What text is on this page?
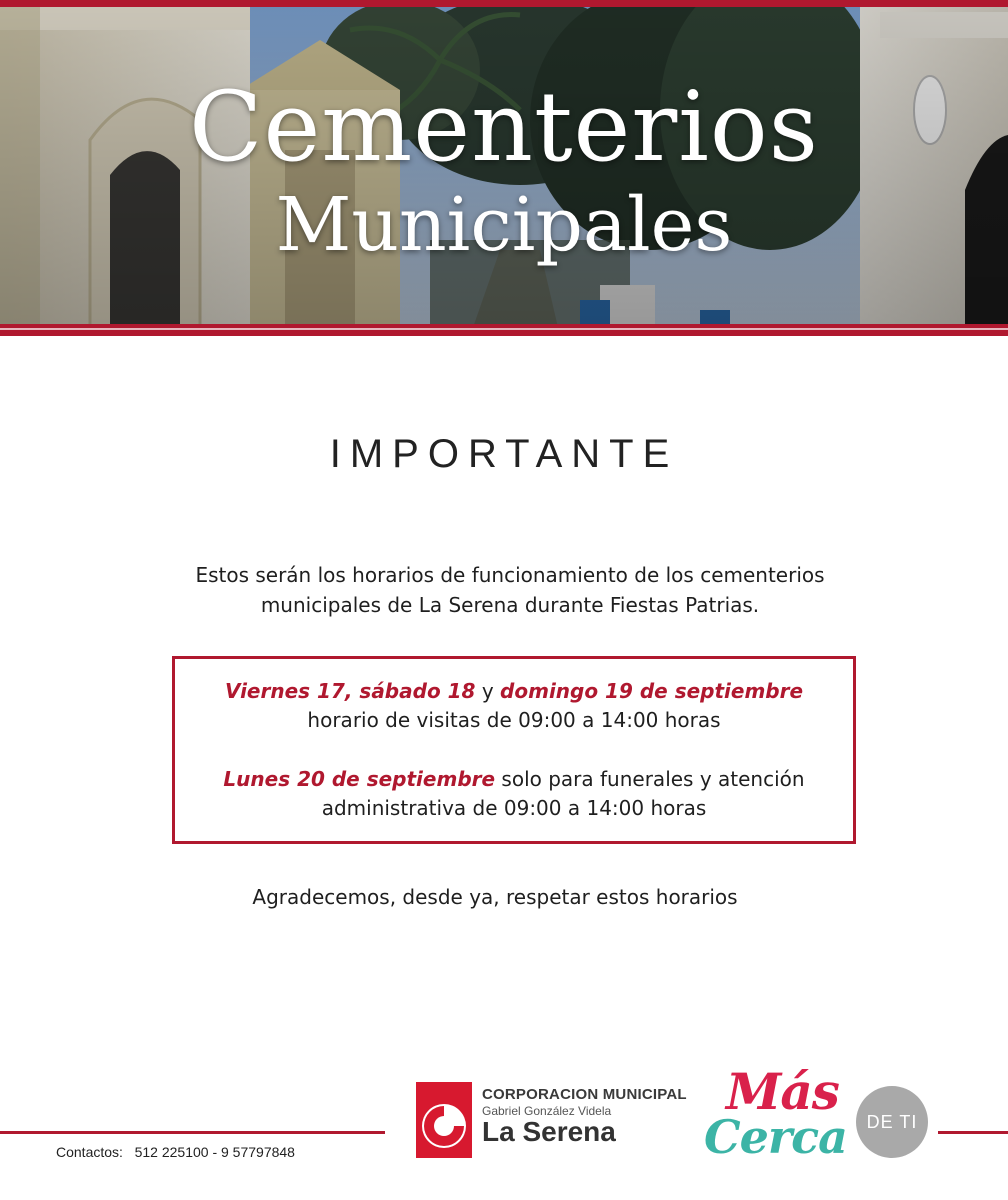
Cementerios
Municipales
IMPORTANTE
Estos serán los horarios de funcionamiento de los cementerios municipales de La Serena durante Fiestas Patrias.
Viernes 17, sábado 18 y domingo 19 de septiembre
horario de visitas de 09:00 a 14:00 horas
Lunes 20 de septiembre solo para funerales y atención
administrativa de 09:00 a 14:00 horas
Agradecemos, desde ya, respetar estos horarios
Contactos:   512 225100 - 9 57797848
CORPORACION MUNICIPAL
Gabriel González Videla
La Serena
Más
Cerca	DE TI
